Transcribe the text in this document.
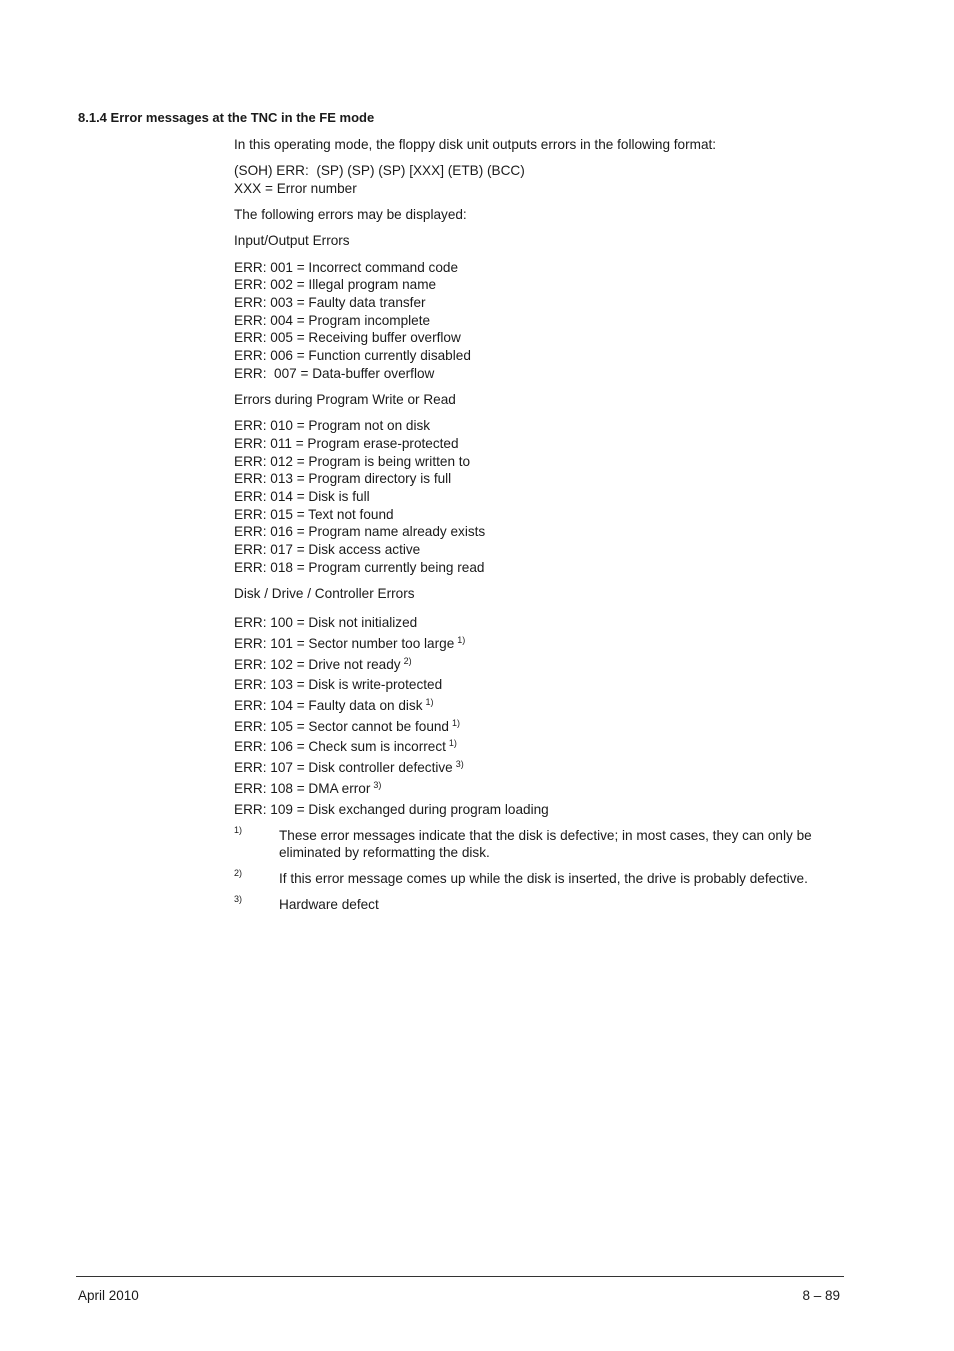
8.1.4 Error messages at the TNC in the FE mode
In this operating mode, the floppy disk unit outputs errors in the following format:
(SOH) ERR:  (SP) (SP) (SP) [XXX] (ETB) (BCC)
XXX = Error number
The following errors may be displayed:
Input/Output Errors
ERR: 001 = Incorrect command code
ERR: 002 = Illegal program name
ERR: 003 = Faulty data transfer
ERR: 004 = Program incomplete
ERR: 005 = Receiving buffer overflow
ERR: 006 = Function currently disabled
ERR:  007 = Data-buffer overflow
Errors during Program Write or Read
ERR: 010 = Program not on disk
ERR: 011 = Program erase-protected
ERR: 012 = Program is being written to
ERR: 013 = Program directory is full
ERR: 014 = Disk is full
ERR: 015 = Text not found
ERR: 016 = Program name already exists
ERR: 017 = Disk access active
ERR: 018 = Program currently being read
Disk / Drive / Controller Errors
ERR: 100 = Disk not initialized
ERR: 101 = Sector number too large $^{1)}$
ERR: 102 = Drive not ready $^{2)}$
ERR: 103 = Disk is write-protected
ERR: 104 = Faulty data on disk $^{1)}$
ERR: 105 = Sector cannot be found $^{1)}$
ERR: 106 = Check sum is incorrect $^{1)}$
ERR: 107 = Disk controller defective $^{3)}$
ERR: 108 = DMA error $^{3)}$
ERR: 109 = Disk exchanged during program loading
1)	These error messages indicate that the disk is defective; in most cases, they can only be eliminated by reformatting the disk.
2)	If this error message comes up while the disk is inserted, the drive is probably defective.
3)	Hardware defect
April 2010	8 – 89
